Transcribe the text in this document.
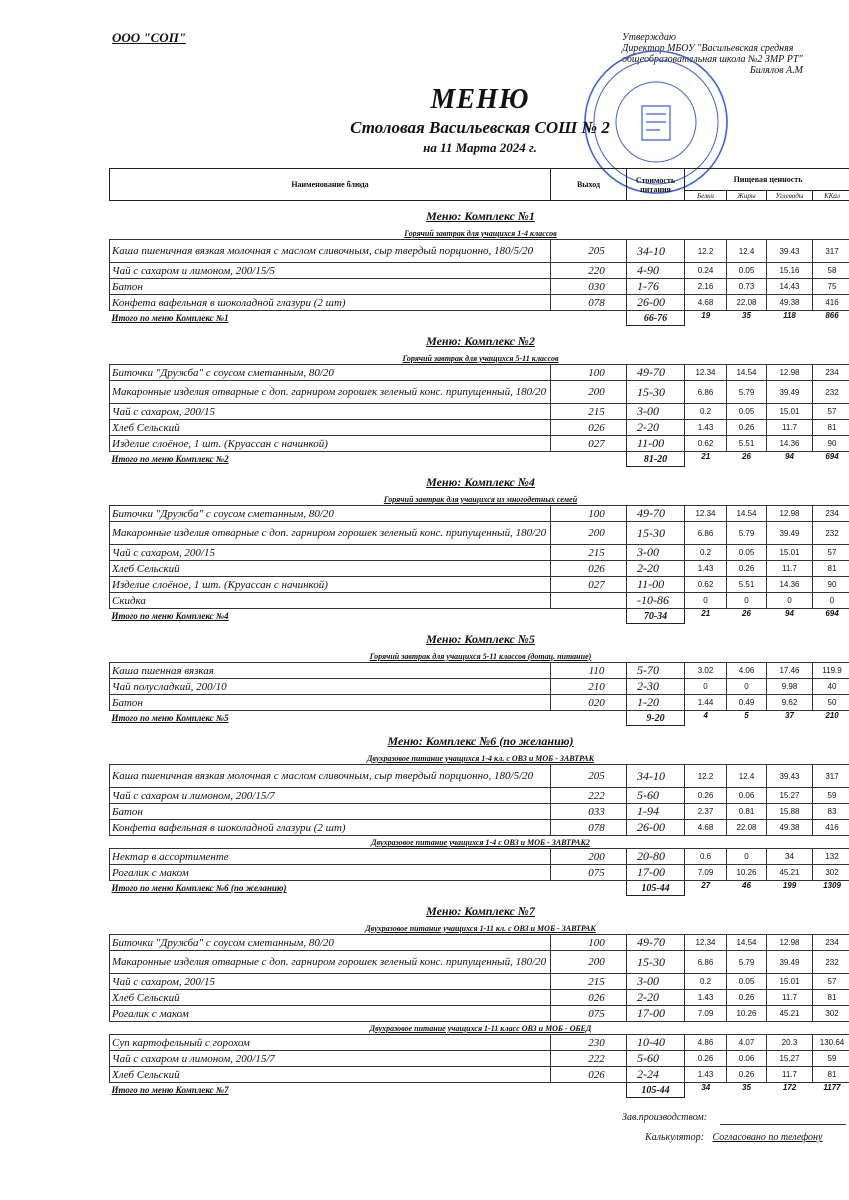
ООО "СОП"	Утверждаю
Директор МБОУ "Васильевская средняя
общеобразовательная школа №2 ЗМР РТ"
Билялов А.М
МЕНЮ
Столовая Васильевская СОШ № 2
на 11 Марта 2024 г.
Наименование блюда	Выход	Стоимость питания	Пищевая ценность			
			Белки	Жиры	Углеводы	ККал
Меню: Комплекс №1						
Горячий завтрак для учащихся 1-4 классов						
Каша пшеничная вязкая молочная с маслом сливочным, сыр твердый порционно, 180/5/20	205	34-10	12.2	12.4	39.43	317
Чай с сахаром и лимоном, 200/15/5	220	4-90	0.24	0.05	15.16	58
Батон	030	1-76	2.16	0.73	14.43	75
Конфета вафельная в шоколадной глазури (2 шт)	078	26-00	4.68	22.08	49.38	416
Итого по меню Комплекс №1		66-76	19	35	118	866
Меню: Комплекс №2						
Горячий завтрак для учащихся 5-11 классов						
Биточки "Дружба" с соусом сметанным, 80/20	100	49-70	12.34	14.54	12.98	234
Макаронные изделия отварные с доп. гарниром горошек зеленый конс. припущенный, 180/20	200	15-30	6.86	5.79	39.49	232
Чай с сахаром, 200/15	215	3-00	0.2	0.05	15.01	57
Хлеб Сельский	026	2-20	1.43	0.26	11.7	81
Изделие слоёное, 1 шт. (Круассан с начинкой)	027	11-00	0.62	5.51	14.36	90
Итого по меню Комплекс №2		81-20	21	26	94	694
Меню: Комплекс №4						
Горячий завтрак для учащихся из многодетных семей						
Биточки "Дружба" с соусом сметанным, 80/20	100	49-70	12.34	14.54	12.98	234
Макаронные изделия отварные с доп. гарниром горошек зеленый конс. припущенный, 180/20	200	15-30	6.86	5.79	39.49	232
Чай с сахаром, 200/15	215	3-00	0.2	0.05	15.01	57
Хлеб Сельский	026	2-20	1.43	0.26	11.7	81
Изделие слоёное, 1 шт. (Круассан с начинкой)	027	11-00	0.62	5.51	14.36	90
Скидка		-10-86	0	0	0	0
Итого по меню Комплекс №4		70-34	21	26	94	694
Меню: Комплекс №5						
Горячий завтрак для учащихся 5-11 классов (дотац. питание)						
Каша пшенная вязкая	110	5-70	3.02	4.06	17.46	119.9
Чай полусладкий, 200/10	210	2-30	0	0	9.98	40
Батон	020	1-20	1.44	0.49	9.62	50
Итого по меню Комплекс №5		9-20	4	5	37	210
Меню: Комплекс №6 (по желанию)						
Двухразовое питание учащихся 1-4 кл. с ОВЗ и МОБ - ЗАВТРАК						
Каша пшеничная вязкая молочная с маслом сливочным, сыр твердый порционно, 180/5/20	205	34-10	12.2	12.4	39.43	317
Чай с сахаром и лимоном, 200/15/7	222	5-60	0.26	0.06	15.27	59
Батон	033	1-94	2.37	0.81	15.88	83
Конфета вафельная в шоколадной глазури (2 шт)	078	26-00	4.68	22.08	49.38	416
Двухразовое питание учащихся 1-4 с ОВЗ и МОБ - ЗАВТРАК2						
Нектар в ассортименте	200	20-80	0.6	0	34	132
Рогалик с маком	075	17-00	7.09	10.26	45.21	302
Итого по меню Комплекс №6 (по желанию)		105-44	27	46	199	1309
Меню: Комплекс №7						
Двухразовое питание учащихся 1-11 кл. с ОВЗ и МОБ - ЗАВТРАК						
Биточки "Дружба" с соусом сметанным, 80/20	100	49-70	12.34	14.54	12.98	234
Макаронные изделия отварные с доп. гарниром горошек зеленый конс. припущенный, 180/20	200	15-30	6.86	5.79	39.49	232
Чай с сахаром, 200/15	215	3-00	0.2	0.05	15.01	57
Хлеб Сельский	026	2-20	1.43	0.26	11.7	81
Рогалик с маком	075	17-00	7.09	10.26	45.21	302
Двухразовое питание учащихся 1-11 класс ОВЗ и МОБ - ОБЕД						
Суп картофельный с горохом	230	10-40	4.86	4.07	20.3	130.64
Чай с сахаром и лимоном, 200/15/7	222	5-60	0.26	0.06	15.27	59
Хлеб Сельский	026	2-24	1.43	0.26	11.7	81
Итого по меню Комплекс №7		105-44	34	35	172	1177
Зав.производством:
Калькулятор: Согласовано по телефону
